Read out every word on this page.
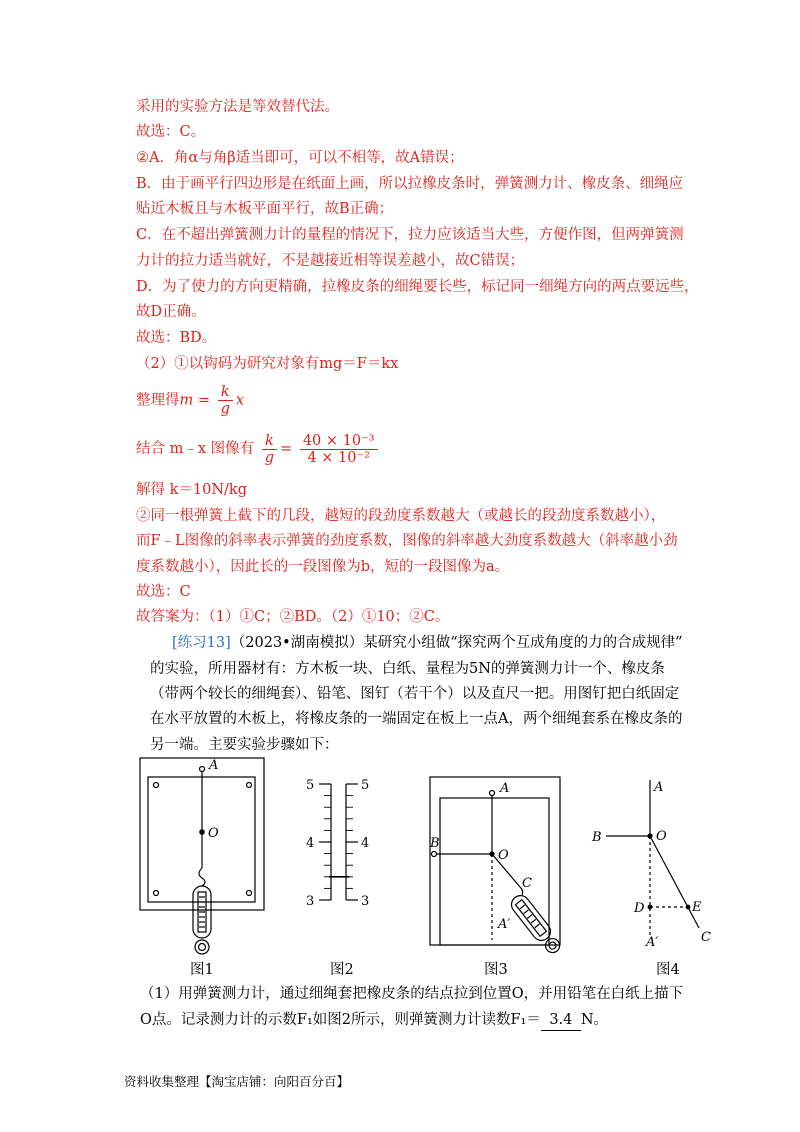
采用的实验方法是等效替代法。
故选：C。
②A．角α与角β适当即可，可以不相等，故A错误；
B．由于画平行四边形是在纸面上画，所以拉橡皮条时，弹簧测力计、橡皮条、细绳应
贴近木板且与木板平面平行，故B正确；
C．在不超出弹簧测力计的量程的情况下，拉力应该适当大些，方便作图，但两弹簧测
力计的拉力适当就好，不是越接近相等误差越小，故C错误；
D．为了使力的方向更精确，拉橡皮条的细绳要长些，标记同一细绳方向的两点要远些，
故D正确。
故选：BD。
（2）①以钩码为研究对象有mg＝F＝kx
整理得$m = \frac{k}{g}$ x
结合 m﹣x 图像有 $\frac{k}{g} = \frac{\text{40 × 10⁻³}}{\text{4 × 10⁻²}}$
解得 k＝10N/kg
②同一根弹簧上截下的几段，越短的段劲度系数越大（或越长的段劲度系数越小），
而F﹣L图像的斜率表示弹簧的劲度系数，图像的斜率越大劲度系数越大（斜率越小劲
度系数越小），因此长的一段图像为b，短的一段图像为a。
故选：C
故答案为：（1）①C；②BD。（2）①10；②C。
[练习13]（2023•湖南模拟）某研究小组做“探究两个互成角度的力的合成规律”
的实验，所用器材有：方木板一块、白纸、量程为5N的弹簧测力计一个、橡皮条
（带两个较长的细绳套）、铅笔、图钉（若干个）以及直尺一把。用图钉把白纸固定
在水平放置的木板上，将橡皮条的一端固定在板上一点A，两个细绳套系在橡皮条的
另一端。主要实验步骤如下：
A
O
A
B
O
C
A′
A
B	O
D	E
A′	C
5	5
4	4
3	3
图1	图2	图3	图4
（1）用弹簧测力计，通过细绳套把橡皮条的结点拉到位置O，并用铅笔在白纸上描下
O点。记录测力计的示数F₁如图2所示，则弹簧测力计读数F₁＝ 3.4 N。
资料收集整理【淘宝店铺：向阳百分百】
